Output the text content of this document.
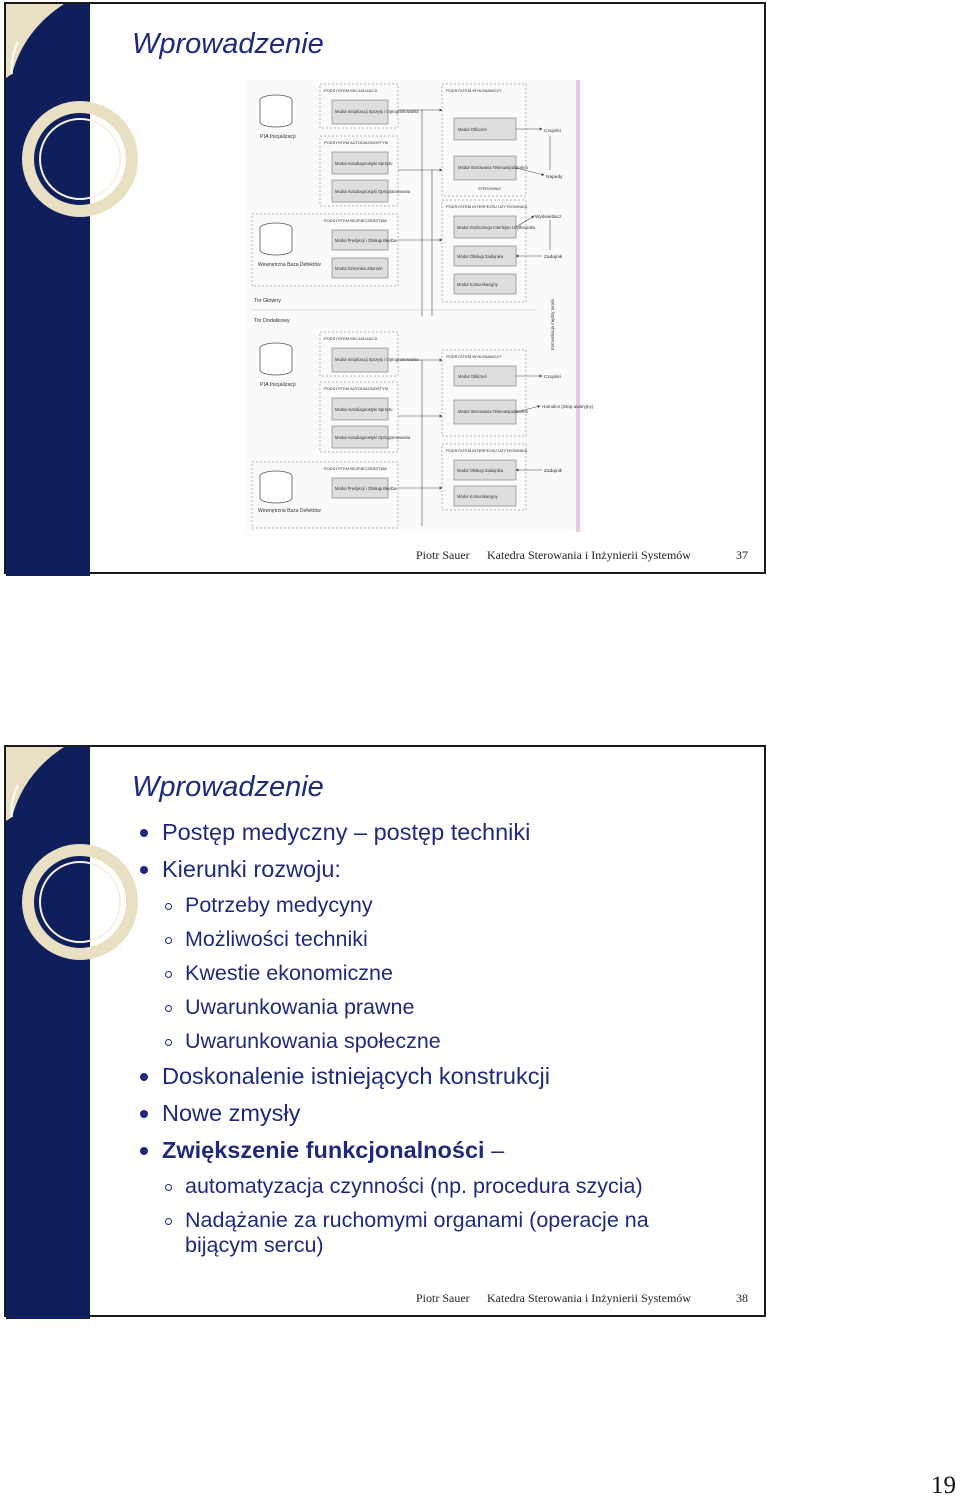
Wprowadzenie
PIA Inicjalizacji
PODSYSTEM INICJALIZACJI
Moduł Inicjalizacji Sprzętu i Oprogramowania
PODSYSTEM AUTODIAGNOSTYKI
Moduł Autodiagnostyki Sprzętu
Moduł Autodiagnostyki Oprogramowania
Wewnętrzna Baza Defektów
PODSYSTEM BEZPIECZEŃSTWA
Moduł Predykcji i Obsługi Błędów
Moduł Dziennika Zdarzeń
PODSYSTEM WYKONAWCZY
Moduł Obliczeń
Moduł Sterowania Telemanipulatorem
STEROWNIK
PODSYSTEM INTERFEJSU UŻYTKOWNIKA
Moduł Graficznego Interfejsu Użytkownika
Moduł Obsługi Zadajnika
Moduł Komunikacyjny
Czujniki
Napędy
Wyświetlacz
Zadajnik
Tor Główny
Tor Dodatkowy	Komunikacja między torami
PIA Inicjalizacji
PODSYSTEM INICJALIZACJI
Moduł Inicjalizacji Sprzętu i Oprogramowania
PODSYSTEM AUTODIAGNOSTYKI
Moduł Autodiagnostyki Sprzętu
Moduł Autodiagnostyki Oprogramowania
Wewnętrzna Baza Defektów
PODSYSTEM BEZPIECZEŃSTWA
Moduł Predykcji i Obsługi Błędów
PODSYSTEM WYKONAWCZY
Moduł Obliczeń
Moduł Sterowania Telemanipulatorem
PODSYSTEM INTERFEJSU UŻYTKOWNIKA
Moduł Obsługi Zadajnika
Moduł Komunikacyjny
Czujniki
Hamulce (Stop awaryjny)
Zadajnik
Piotr Sauer Katedra Sterowania i Inżynierii Systemów	37
Wprowadzenie
Postęp medyczny – postęp techniki
Kierunki rozwoju:
Potrzeby medycyny
Możliwości techniki
Kwestie ekonomiczne
Uwarunkowania prawne
Uwarunkowania społeczne
Doskonalenie istniejących konstrukcji
Nowe zmysły
Zwiększenie funkcjonalności –
automatyzacja czynności (np. procedura szycia)
Nadążanie za ruchomymi organami (operacje na
bijącym sercu)
Piotr Sauer Katedra Sterowania i Inżynierii Systemów	38
19
